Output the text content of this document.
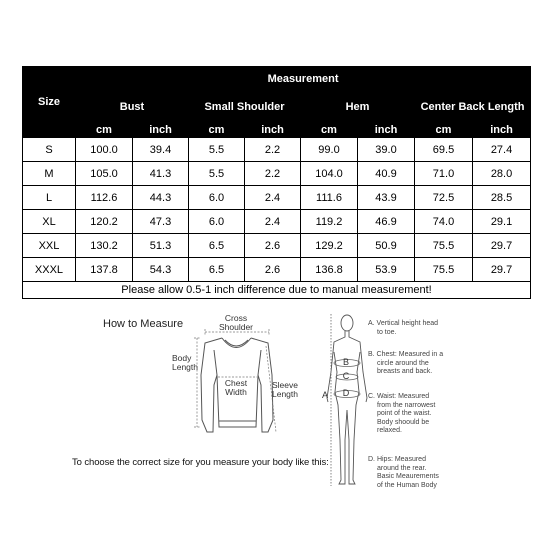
Size	Measurement							
	Bust		Small Shoulder		Hem		Center Back Length	
	cm	inch	cm	inch	cm	inch	cm	inch
S	100.0	39.4	5.5	2.2	99.0	39.0	69.5	27.4
M	105.0	41.3	5.5	2.2	104.0	40.9	71.0	28.0
L	112.6	44.3	6.0	2.4	111.6	43.9	72.5	28.5
XL	120.2	47.3	6.0	2.4	119.2	46.9	74.0	29.1
XXL	130.2	51.3	6.5	2.6	129.2	50.9	75.5	29.7
XXXL	137.8	54.3	6.5	2.6	136.8	53.9	75.5	29.7
Please allow 0.5-1 inch difference due to manual measurement!								
How to Measure	Cross
Shoulder
Body
Length
Chest
Width
Sleeve
Length
To choose the correct size for you measure your body like this:
A
B
C
D
A. Vertical height head
to toe.
B. Chest: Measured in a
circle around the
breasts and back.
C. Waist: Measured
from the narrowest
point of the waist.
Body shoould be
relaxed.
D. Hips: Measured
around the rear.
Basic Meaurements
of the Human Body
